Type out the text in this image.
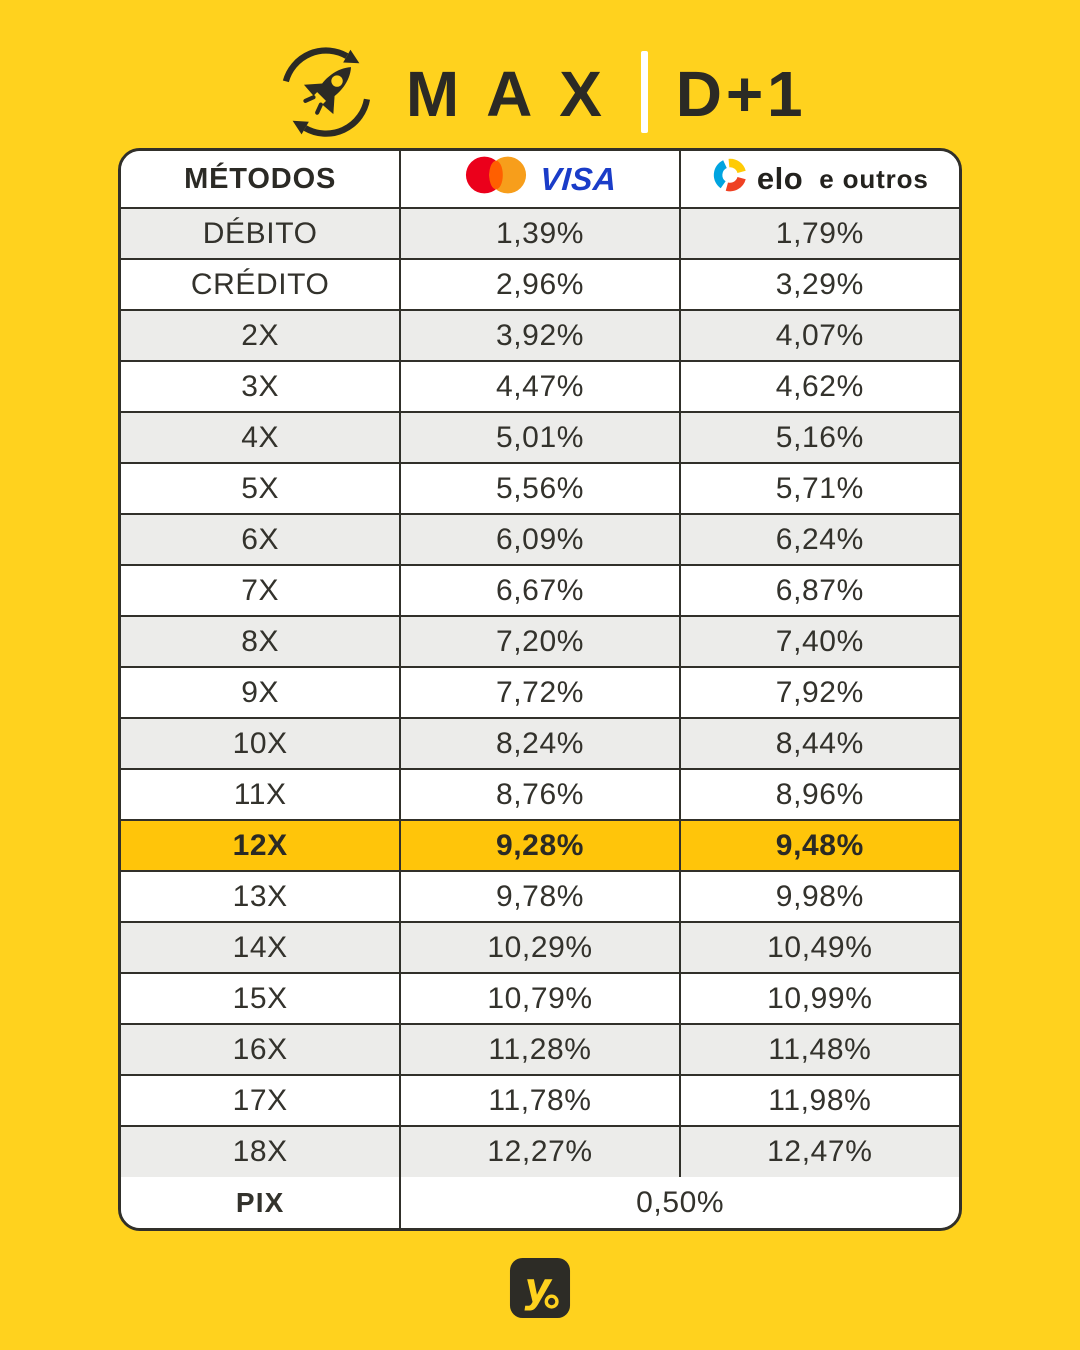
MAX D+1
MÉTODOS	VISA	elo e outros

DÉBITO	1,39%	1,79%
CRÉDITO	2,96%	3,29%
2X	3,92%	4,07%
3X	4,47%	4,62%
4X	5,01%	5,16%
5X	5,56%	5,71%
6X	6,09%	6,24%
7X	6,67%	6,87%
8X	7,20%	7,40%
9X	7,72%	7,92%
10X	8,24%	8,44%
11X	8,76%	8,96%
12X	9,28%	9,48%
13X	9,78%	9,98%
14X	10,29%	10,49%
15X	10,79%	10,99%
16X	11,28%	11,48%
17X	11,78%	11,98%
18X	12,27%	12,47%
PIX	0,50%	
y
